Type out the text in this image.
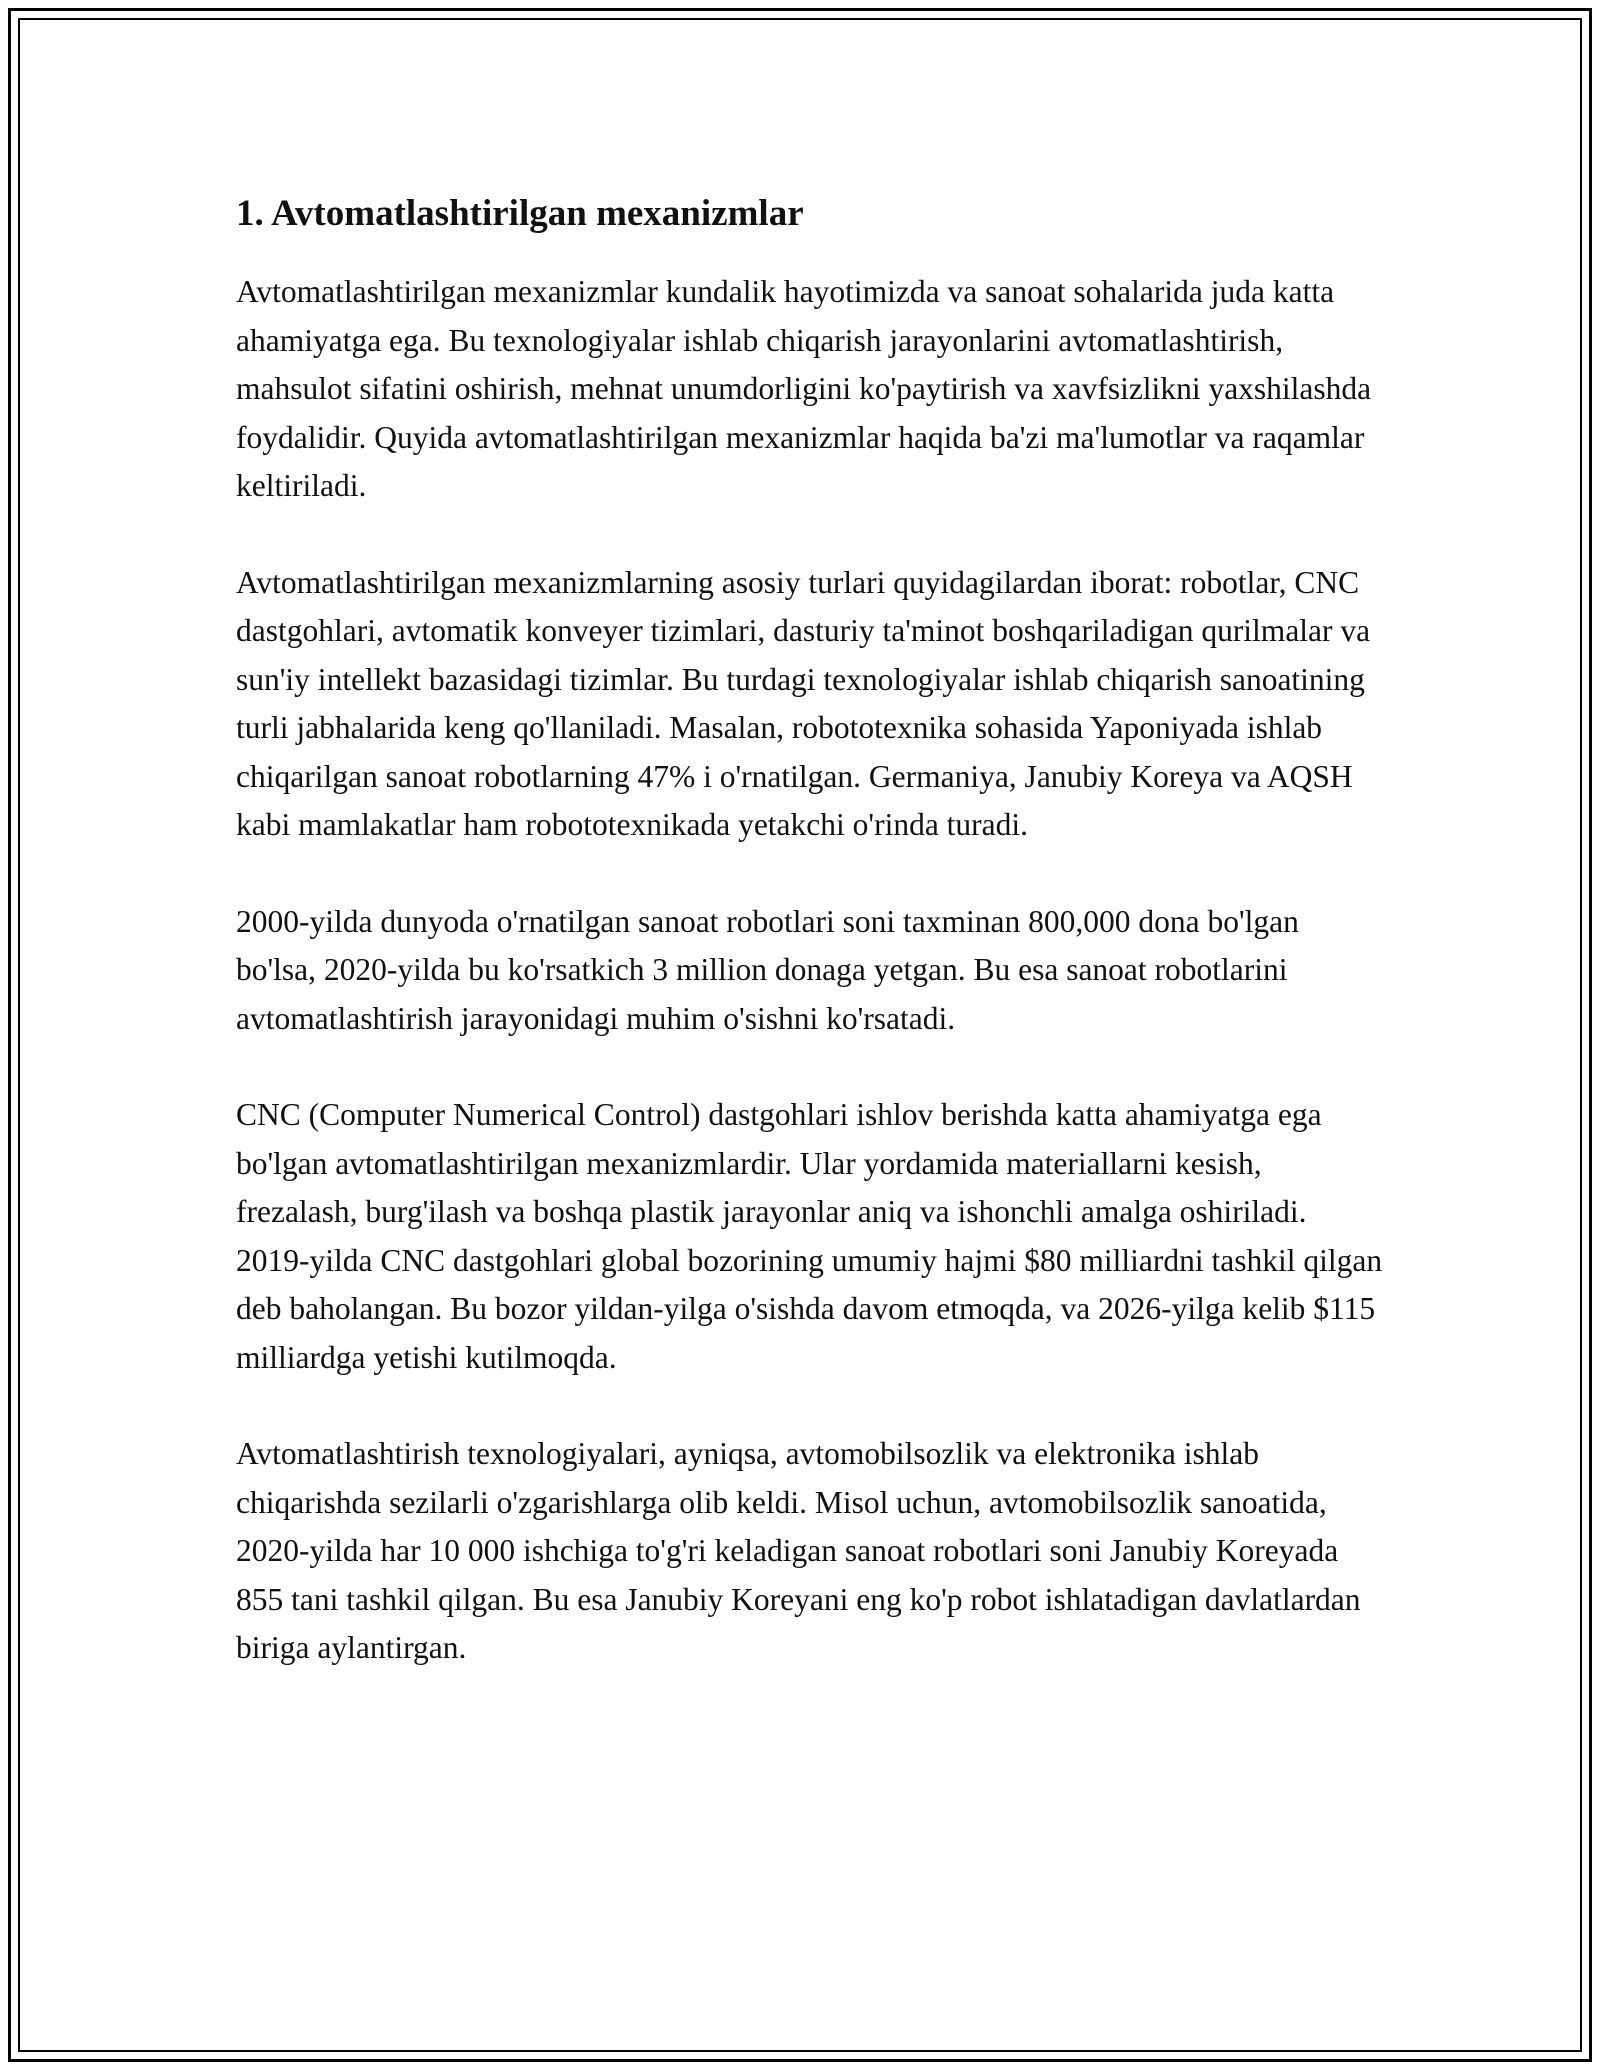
1. Avtomatlashtirilgan mexanizmlar

Avtomatlashtirilgan mexanizmlar kundalik hayotimizda va sanoat sohalarida juda katta ahamiyatga ega. Bu texnologiyalar ishlab chiqarish jarayonlarini avtomatlashtirish, mahsulot sifatini oshirish, mehnat unumdorligini ko'paytirish va xavfsizlikni yaxshilashda foydalidir. Quyida avtomatlashtirilgan mexanizmlar haqida ba'zi ma'lumotlar va raqamlar keltiriladi.

Avtomatlashtirilgan mexanizmlarning asosiy turlari quyidagilardan iborat: robotlar, CNC dastgohlari, avtomatik konveyer tizimlari, dasturiy ta'minot boshqariladigan qurilmalar va sun'iy intellekt bazasidagi tizimlar. Bu turdagi texnologiyalar ishlab chiqarish sanoatining turli jabhalarida keng qo'llaniladi. Masalan, robototexnika sohasida Yaponiyada ishlab chiqarilgan sanoat robotlarning 47% i o'rnatilgan. Germaniya, Janubiy Koreya va AQSH kabi mamlakatlar ham robototexnikada yetakchi o'rinda turadi.

2000-yilda dunyoda o'rnatilgan sanoat robotlari soni taxminan 800,000 dona bo'lgan bo'lsa, 2020-yilda bu ko'rsatkich 3 million donaga yetgan. Bu esa sanoat robotlarini avtomatlashtirish jarayonidagi muhim o'sishni ko'rsatadi.

CNC (Computer Numerical Control) dastgohlari ishlov berishda katta ahamiyatga ega bo'lgan avtomatlashtirilgan mexanizmlardir. Ular yordamida materiallarni kesish, frezalash, burg'ilash va boshqa plastik jarayonlar aniq va ishonchli amalga oshiriladi. 2019-yilda CNC dastgohlari global bozorining umumiy hajmi $80 milliardni tashkil qilgan deb baholangan. Bu bozor yildan-yilga o'sishda davom etmoqda, va 2026-yilga kelib $115 milliardga yetishi kutilmoqda.

Avtomatlashtirish texnologiyalari, ayniqsa, avtomobilsozlik va elektronika ishlab chiqarishda sezilarli o'zgarishlarga olib keldi. Misol uchun, avtomobilsozlik sanoatida, 2020-yilda har 10 000 ishchiga to'g'ri keladigan sanoat robotlari soni Janubiy Koreyada 855 tani tashkil qilgan. Bu esa Janubiy Koreyani eng ko'p robot ishlatadigan davlatlardan biriga aylantirgan.
